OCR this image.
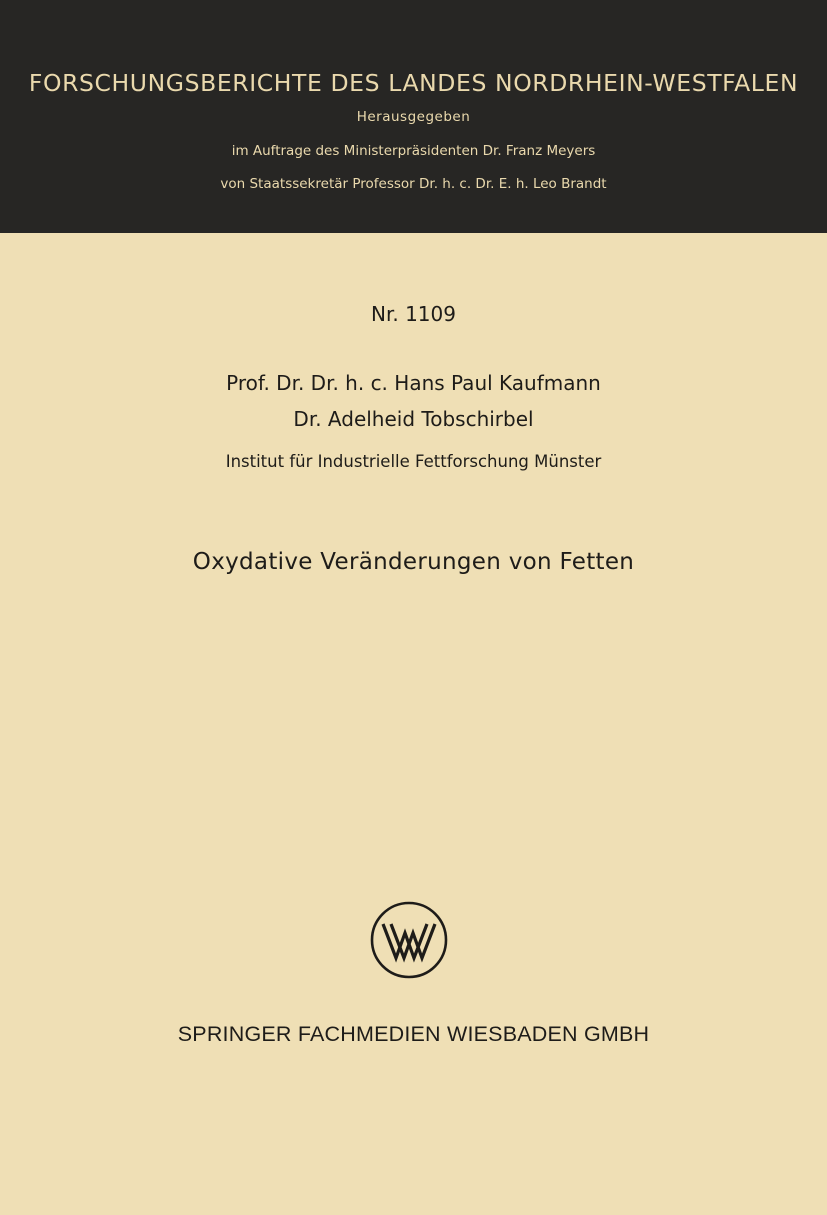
FORSCHUNGSBERICHTE DES LANDES NORDRHEIN-WESTFALEN
Herausgegeben
im Auftrage des Ministerpräsidenten Dr. Franz Meyers
von Staatssekretär Professor Dr. h. c. Dr. E. h. Leo Brandt
Nr. 1109
Prof. Dr. Dr. h. c. Hans Paul Kaufmann
Dr. Adelheid Tobschirbel
Institut für Industrielle Fettforschung Münster
Oxydative Veränderungen von Fetten
SPRINGER FACHMEDIEN WIESBADEN GMBH
